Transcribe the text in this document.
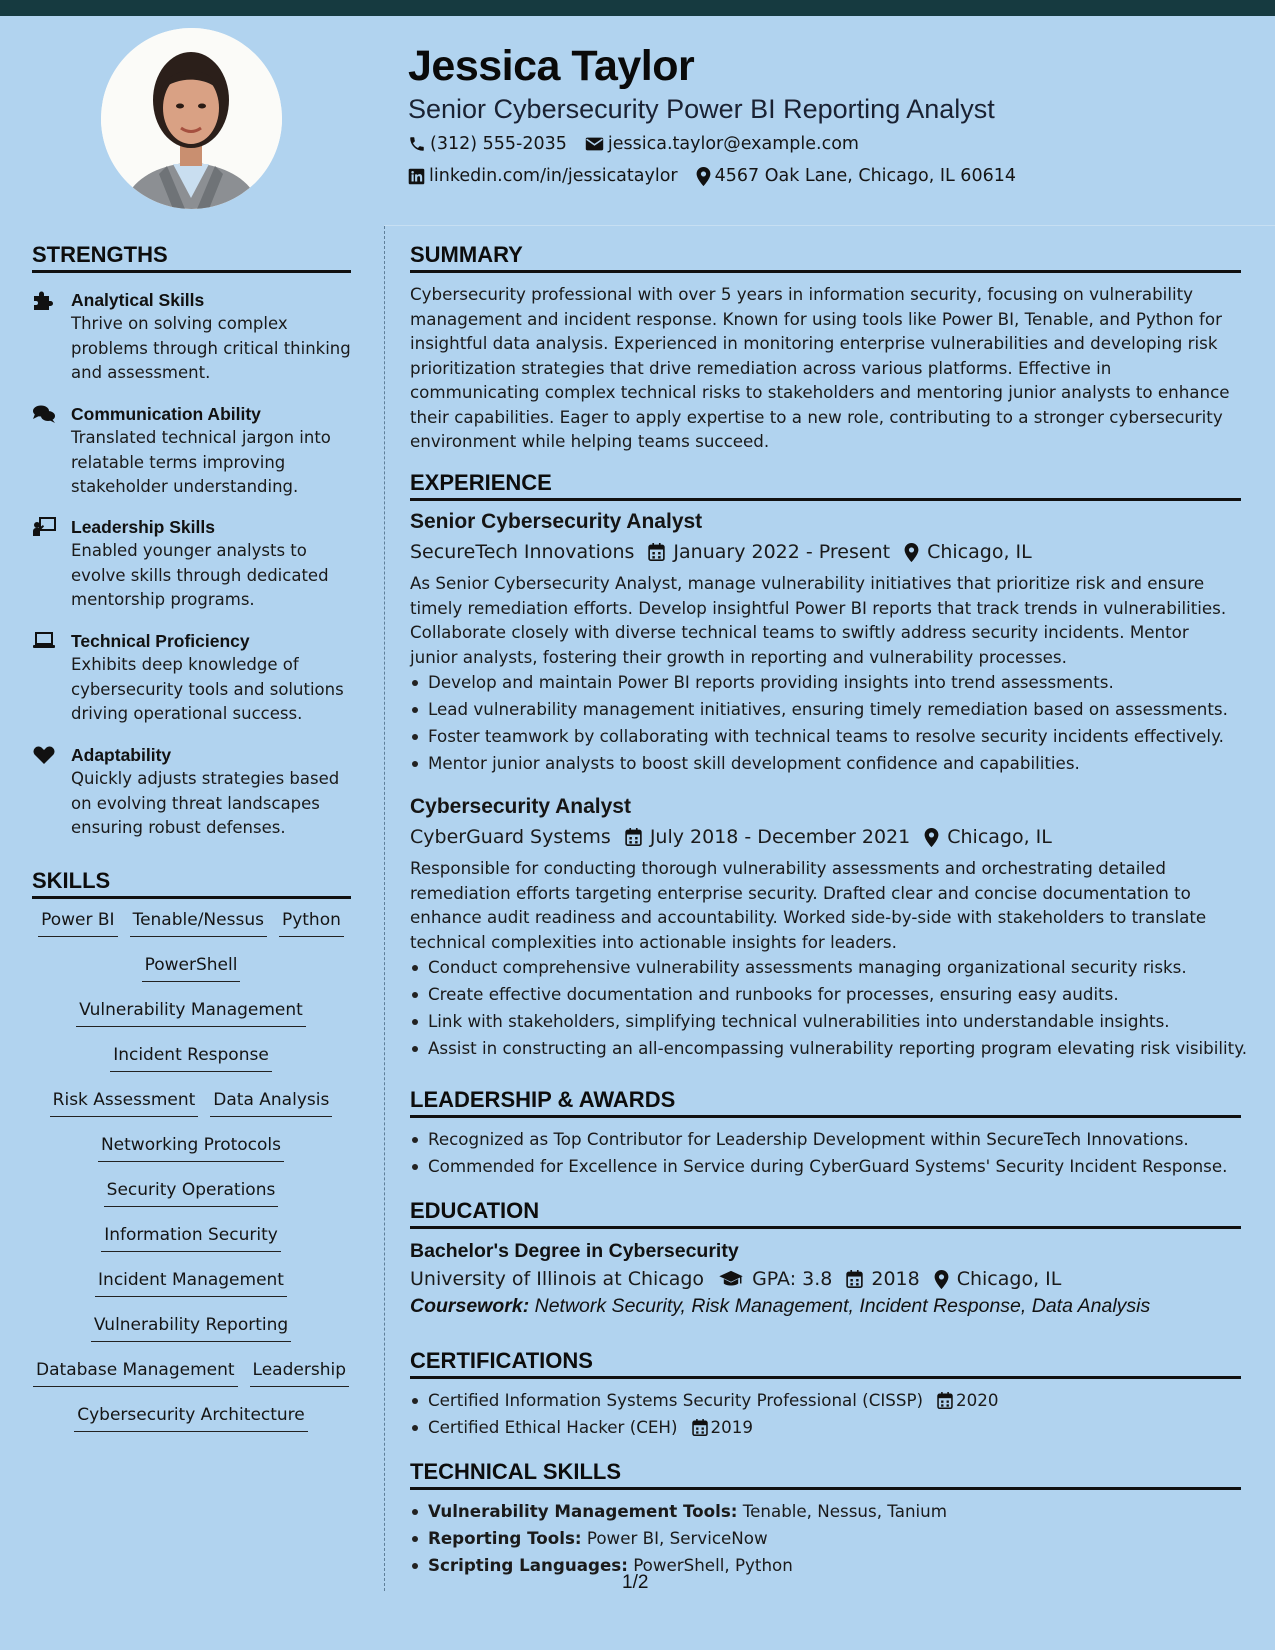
Jessica Taylor
Senior Cybersecurity Power BI Reporting Analyst
(312) 555-2035 jessica.taylor@example.com
linkedin.com/in/jessicataylor 4567 Oak Lane, Chicago, IL 60614
STRENGTHS
Analytical Skills
Thrive on solving complex problems through critical thinking and assessment.
Communication Ability
Translated technical jargon into relatable terms improving stakeholder understanding.
Leadership Skills
Enabled younger analysts to evolve skills through dedicated mentorship programs.
Technical Proficiency
Exhibits deep knowledge of cybersecurity tools and solutions driving operational success.
Adaptability
Quickly adjusts strategies based on evolving threat landscapes ensuring robust defenses.
SKILLS
Power BI Tenable/Nessus Python
PowerShell
Vulnerability Management
Incident Response
Risk Assessment Data Analysis
Networking Protocols
Security Operations
Information Security
Incident Management
Vulnerability Reporting
Database Management Leadership
Cybersecurity Architecture
SUMMARY
Cybersecurity professional with over 5 years in information security, focusing on vulnerability management and incident response. Known for using tools like Power BI, Tenable, and Python for insightful data analysis. Experienced in monitoring enterprise vulnerabilities and developing risk prioritization strategies that drive remediation across various platforms. Effective in communicating complex technical risks to stakeholders and mentoring junior analysts to enhance their capabilities. Eager to apply expertise to a new role, contributing to a stronger cybersecurity environment while helping teams succeed.
EXPERIENCE
Senior Cybersecurity Analyst
SecureTech Innovations January 2022 - Present Chicago, IL
As Senior Cybersecurity Analyst, manage vulnerability initiatives that prioritize risk and ensure timely remediation efforts. Develop insightful Power BI reports that track trends in vulnerabilities. Collaborate closely with diverse technical teams to swiftly address security incidents. Mentor junior analysts, fostering their growth in reporting and vulnerability processes.
Develop and maintain Power BI reports providing insights into trend assessments.
Lead vulnerability management initiatives, ensuring timely remediation based on assessments.
Foster teamwork by collaborating with technical teams to resolve security incidents effectively.
Mentor junior analysts to boost skill development confidence and capabilities.
Cybersecurity Analyst
CyberGuard Systems July 2018 - December 2021 Chicago, IL
Responsible for conducting thorough vulnerability assessments and orchestrating detailed remediation efforts targeting enterprise security. Drafted clear and concise documentation to enhance audit readiness and accountability. Worked side-by-side with stakeholders to translate technical complexities into actionable insights for leaders.
Conduct comprehensive vulnerability assessments managing organizational security risks.
Create effective documentation and runbooks for processes, ensuring easy audits.
Link with stakeholders, simplifying technical vulnerabilities into understandable insights.
Assist in constructing an all-encompassing vulnerability reporting program elevating risk visibility.
LEADERSHIP & AWARDS
Recognized as Top Contributor for Leadership Development within SecureTech Innovations.
Commended for Excellence in Service during CyberGuard Systems' Security Incident Response.
EDUCATION
Bachelor's Degree in Cybersecurity
University of Illinois at Chicago	GPA: 3.8 2018 Chicago, IL
Coursework: Network Security, Risk Management, Incident Response, Data Analysis
CERTIFICATIONS
Certified Information Systems Security Professional (CISSP) 2020
Certified Ethical Hacker (CEH) 2019
TECHNICAL SKILLS
Vulnerability Management Tools: Tenable, Nessus, Tanium
Reporting Tools: Power BI, ServiceNow
Scripting Languages: PowerShell, Python
1/2
